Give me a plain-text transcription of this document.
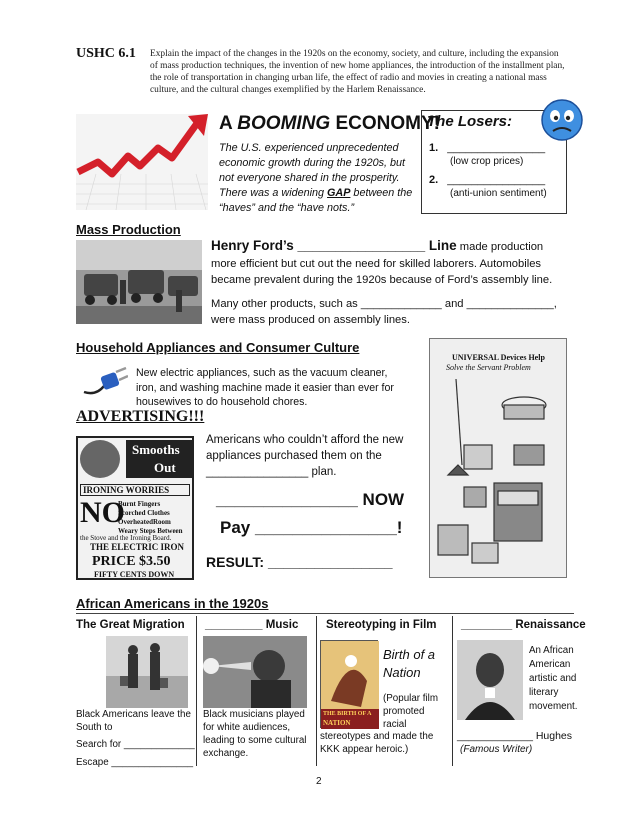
USHC 6.1 Explain the impact of the changes in the 1920s on the economy, society, and culture, including the expansion of mass production techniques, the invention of new home appliances, the introduction of the installment plan, the role of transportation in changing urban life, the effect of radio and movies in creating a national mass culture, and the cultural changes exemplified by the Harlem Renaissance.
A BOOMING ECONOMY!
The U.S. experienced unprecedented economic growth during the 1920s, but not everyone shared in the prosperity. There was a widening GAP between the “haves” and the “have nots.”
The Losers:
1. ________________
(low crop prices)
2. ________________
(anti-union sentiment)
Mass Production
Henry Ford’s _________________ Line made production
more efficient but cut out the need for skilled laborers. Automobiles became prevalent during the 1920s because of Ford’s assembly line.
Many other products, such as _____________ and ______________, were mass produced on assembly lines.
Household Appliances and Consumer Culture
New electric appliances, such as the vacuum cleaner, iron, and washing machine made it easier than ever for housewives to do household chores.
UNIVERSAL Devices Help
Solve the Servant Problem
ADVERTISING!!!
Smooths
Out
IRONING WORRIES
NO
Burnt Fingers
Scorched Clothes
OverheatedRoom
Weary Steps Between
the Stove and the Ironing Board.
THE ELECTRIC IRON
PRICE $3.50
FIFTY CENTS DOWN
Americans who couldn’t afford the new appliances purchased them on the ________________ plan.
_______________ NOW
Pay _______________!
RESULT: ________________
African Americans in the 1920s
The Great Migration
Black Americans leave the South to
Search for _____________
Escape _______________
_________ Music
Black musicians played for white audiences, leading to some cultural exchange.
Stereotyping in Film
THE BIRTH OF A
NATION
Birth of a Nation
(Popular film promoted racial
stereotypes and made the KKK appear heroic.)
________ Renaissance
An African American artistic and literary movement.
_____________ Hughes
(Famous Writer)
2
